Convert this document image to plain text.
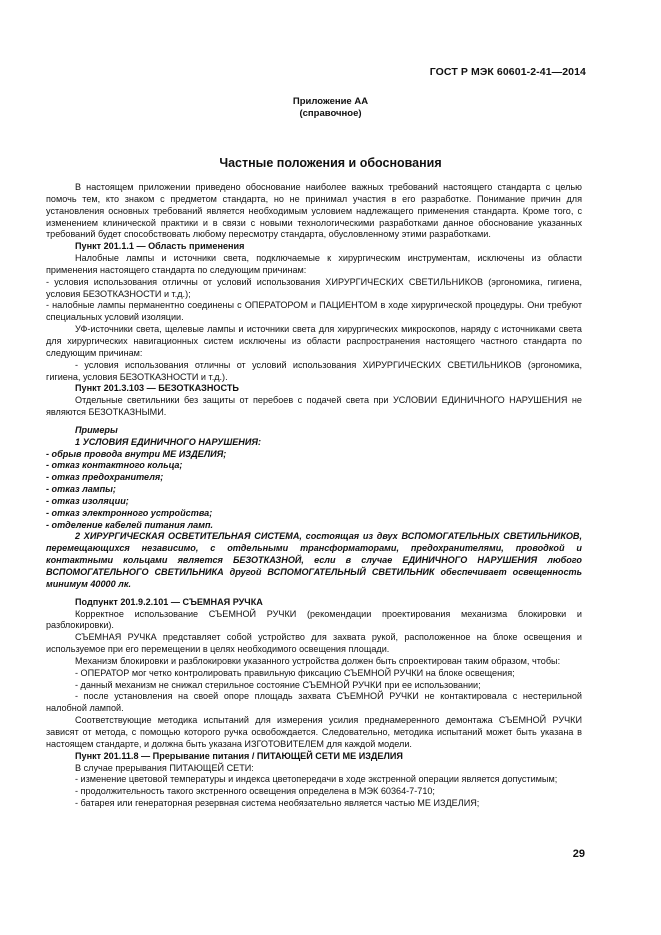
ГОСТ Р МЭК 60601-2-41—2014
Приложение АА
(справочное)
Частные положения и обоснования

В настоящем приложении приведено обоснование наиболее важных требований настоящего стандарта с целью помочь тем, кто знаком с предметом стандарта, но не принимал участия в его разработке. Понимание причин для установления основных требований является необходимым условием надлежащего применения стандарта. Кроме того, с изменением клинической практики и в связи с новыми технологическими разработками данное обоснование указанных требований будет способствовать любому пересмотру стандарта, обусловленному этими разработками.

Пункт 201.1.1 — Область применения

Налобные лампы и источники света, подключаемые к хирургическим инструментам, исключены из области применения настоящего стандарта по следующим причинам:

- условия использования отличны от условий использования ХИРУРГИЧЕСКИХ СВЕТИЛЬНИКОВ (эргономика, гигиена, условия БЕЗОТКАЗНОСТИ и т.д.);

- налобные лампы перманентно соединены с ОПЕРАТОРОМ и ПАЦИЕНТОМ в ходе хирургической процедуры. Они требуют специальных условий изоляции.

УФ-источники света, щелевые лампы и источники света для хирургических микроскопов, наряду с источниками света для хирургических навигационных систем исключены из области распространения настоящего частного стандарта по следующим причинам:

- условия использования отличны от условий использования ХИРУРГИЧЕСКИХ СВЕТИЛЬНИКОВ (эргономика, гигиена, условия БЕЗОТКАЗНОСТИ и т.д.).

Пункт 201.3.103 — БЕЗОТКАЗНОСТЬ

Отдельные светильники без защиты от перебоев с подачей света при УСЛОВИИ ЕДИНИЧНОГО НАРУШЕНИЯ не являются БЕЗОТКАЗНЫМИ.

Примеры

1 УСЛОВИЯ ЕДИНИЧНОГО НАРУШЕНИЯ:

- обрыв провода внутри МЕ ИЗДЕЛИЯ;

- отказ контактного кольца;

- отказ предохранителя;

- отказ лампы;

- отказ изоляции;

- отказ электронного устройства;

- отделение кабелей питания ламп.

2 ХИРУРГИЧЕСКАЯ ОСВЕТИТЕЛЬНАЯ СИСТЕМА, состоящая из двух ВСПОМОГАТЕЛЬНЫХ СВЕТИЛЬНИКОВ, перемещающихся независимо, с отдельными трансформаторами, предохранителями, проводкой и контактными кольцами является БЕЗОТКАЗНОЙ, если в случае ЕДИНИЧНОГО НАРУШЕНИЯ любого ВСПОМОГАТЕЛЬНОГО СВЕТИЛЬНИКА другой ВСПОМОГАТЕЛЬНЫЙ СВЕТИЛЬНИК обеспечивает освещенность минимум 40000 лк.

Подпункт 201.9.2.101 — СЪЕМНАЯ РУЧКА

Корректное использование СЪЕМНОЙ РУЧКИ (рекомендации проектирования механизма блокировки и разблокировки).

СЪЕМНАЯ РУЧКА представляет собой устройство для захвата рукой, расположенное на блоке освещения и используемое при его перемещении в целях необходимого освещения площади.

Механизм блокировки и разблокировки указанного устройства должен быть спроектирован таким образом, чтобы:

- ОПЕРАТОР мог четко контролировать правильную фиксацию СЪЕМНОЙ РУЧКИ на блоке освещения;

- данный механизм не снижал стерильное состояние СЪЕМНОЙ РУЧКИ при ее использовании;

- после установления на своей опоре площадь захвата СЪЕМНОЙ РУЧКИ не контактировала с нестерильной налобной лампой.

Соответствующие методика испытаний для измерения усилия преднамеренного демонтажа СЪЕМНОЙ РУЧКИ зависят от метода, с помощью которого ручка освобождается. Следовательно, методика испытаний может быть указана в настоящем стандарте, и должна быть указана ИЗГОТОВИТЕЛЕМ для каждой модели.

Пункт 201.11.8 — Прерывание питания / ПИТАЮЩЕЙ СЕТИ МЕ ИЗДЕЛИЯ

В случае прерывания ПИТАЮЩЕЙ СЕТИ:

- изменение цветовой температуры и индекса цветопередачи в ходе экстренной операции является допустимым;

- продолжительность такого экстренного освещения определена в МЭК 60364-7-710;

- батарея или генераторная резервная система необязательно является частью МЕ ИЗДЕЛИЯ;

29
